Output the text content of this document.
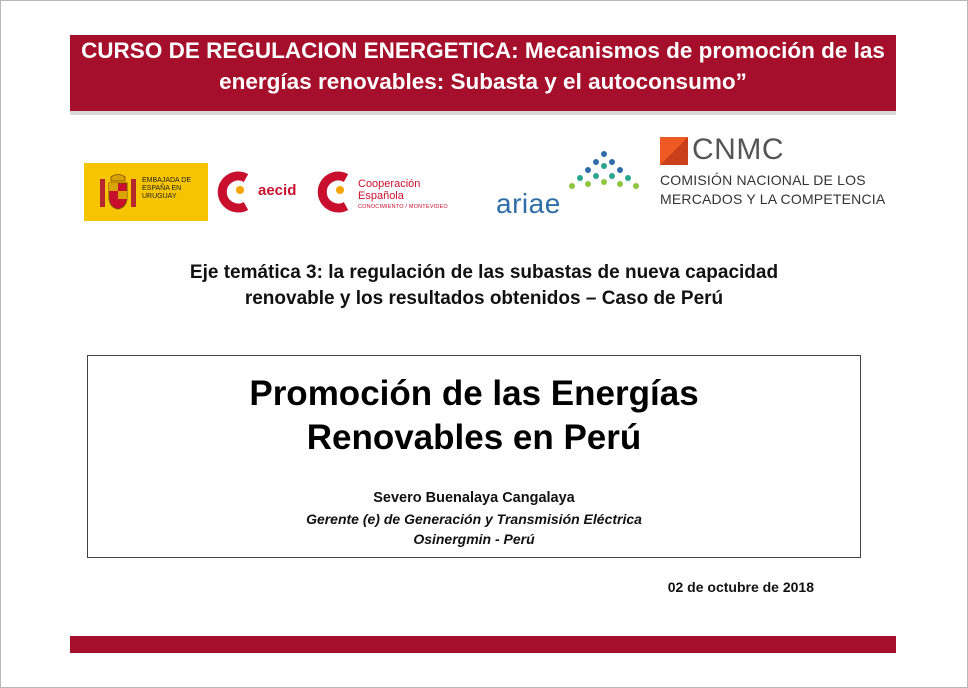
CURSO DE REGULACION ENERGETICA: Mecanismos de promoción de las energías renovables: Subasta y el autoconsumo”
EMBAJADA DE ESPAÑA EN URUGUAY	aecid	Cooperación
Española
CONOCIMIENTO / MONTEVIDEO ariae
CNMC
COMISIÓN NACIONAL DE LOS
MERCADOS Y LA COMPETENCIA
Eje temática 3: la regulación de las subastas de nueva capacidad
renovable y los resultados obtenidos – Caso de Perú
Promoción de las Energías
Renovables en Perú
Severo Buenalaya Cangalaya
Gerente (e) de Generación y Transmisión Eléctrica
Osinergmin - Perú
02 de octubre de 2018
